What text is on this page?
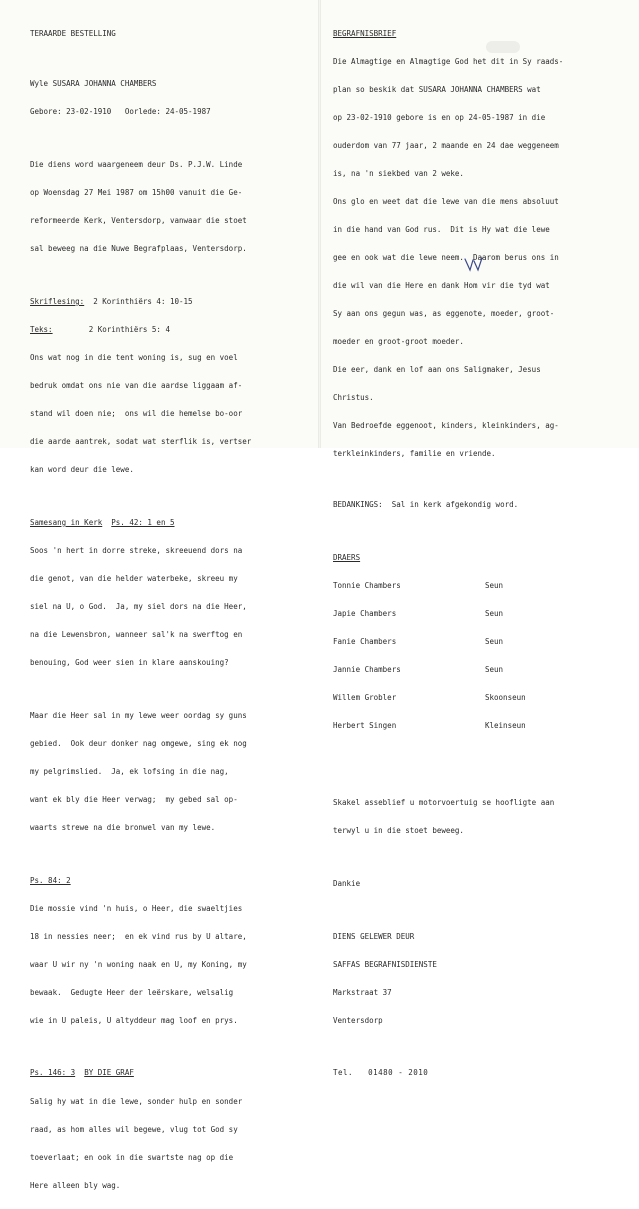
TERAARDE BESTELLING

Wyle SUSARA JOHANNA CHAMBERS

Gebore: 23-02-1910   Oorlede: 24-05-1987

Die diens word waargeneem deur Ds. P.J.W. Linde

op Woensdag 27 Mei 1987 om 15h00 vanuit die Ge-

reformeerde Kerk, Ventersdorp, vanwaar die stoet

sal beweeg na die Nuwe Begrafplaas, Ventersdorp.

Skriflesing: 2 Korinthiërs 4: 10-15

Teks:	2 Korinthiërs 5: 4

Ons wat nog in die tent woning is, sug en voel

bedruk omdat ons nie van die aardse liggaam af-

stand wil doen nie;  ons wil die hemelse bo-oor

die aarde aantrek, sodat wat sterflik is, vertser

kan word deur die lewe.

Samesang in Kerk Ps. 42: 1 en 5

Soos 'n hert in dorre streke, skreeuend dors na

die genot, van die helder waterbeke, skreeu my

siel na U, o God.  Ja, my siel dors na die Heer,

na die Lewensbron, wanneer sal'k na swerftog en

benouing, God weer sien in klare aanskouing?

Maar die Heer sal in my lewe weer oordag sy guns

gebied.  Ook deur donker nag omgewe, sing ek nog

my pelgrimslied.  Ja, ek lofsing in die nag,

want ek bly die Heer verwag;  my gebed sal op-

waarts strewe na die bronwel van my lewe.

Ps. 84: 2

Die mossie vind 'n huis, o Heer, die swaeltjies

18 in nessies neer;  en ek vind rus by U altare,

waar U wir ny 'n woning naak en U, my Koning, my

bewaak.  Gedugte Heer der leërskare, welsalig

wie in U paleis, U altyddeur mag loof en prys.

Ps. 146: 3 BY DIE GRAF

Salig hy wat in die lewe, sonder hulp en sonder

raad, as hom alles wil begewe, vlug tot God sy

toeverlaat; en ook in die swartste nag op die

Here alleen bly wag.

BEGRAFNISBRIEF

Die Almagtige en Almagtige God het dit in Sy raads-

plan so beskik dat SUSARA JOHANNA CHAMBERS wat

op 23-02-1910 gebore is en op 24-05-1987 in die

ouderdom van 77 jaar, 2 maande en 24 dae weggeneem

is, na 'n siekbed van 2 weke.

Ons glo en weet dat die lewe van die mens absoluut

in die hand van God rus.  Dit is Hy wat die lewe

gee en ook wat die lewe neem.  Daarom berus ons in

die wil van die Here en dank Hom vir die tyd wat

Sy aan ons gegun was, as eggenote, moeder, groot-

moeder en groot-groot moeder.

Die eer, dank en lof aan ons Saligmaker, Jesus

Christus.

Van Bedroefde eggenoot, kinders, kleinkinders, ag-

terkleinkinders, familie en vriende.

BEDANKINGS: Sal in kerk afgekondig word.

DRAERS

Tonnie Chambers	Seun

Japie Chambers	Seun

Fanie Chambers	Seun

Jannie Chambers	Seun

Willem Grobler	Skoonseun

Herbert Singen	Kleinseun

Skakel asseblief u motorvoertuig se hoofligte aan

terwyl u in die stoet beweeg.

Dankie

DIENS GELEWER DEUR

SAFFAS BEGRAFNISDIENSTE

Markstraat 37

Ventersdorp

Tel. 01480 - 2010
